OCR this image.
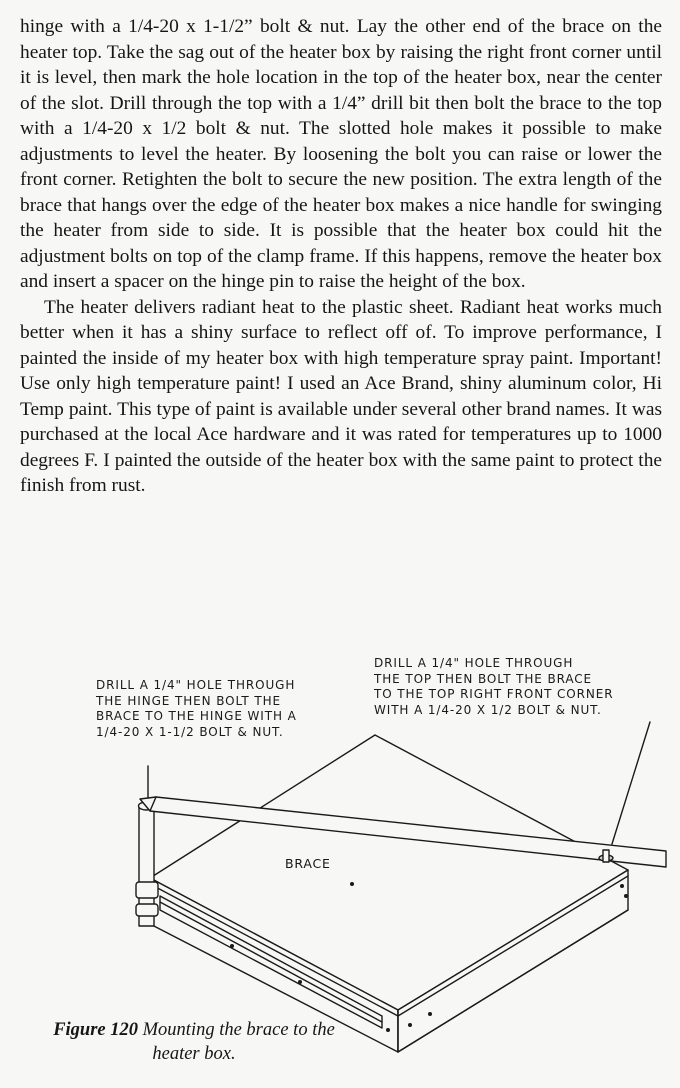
hinge with a 1/4-20 x 1-1/2” bolt & nut. Lay the other end of the brace on the heater top. Take the sag out of the heater box by raising the right front corner until it is level, then mark the hole location in the top of the heater box, near the center of the slot. Drill through the top with a 1/4” drill bit then bolt the brace to the top with a 1/4-20 x 1/2 bolt & nut. The slotted hole makes it possible to make adjustments to level the heater. By loosening the bolt you can raise or lower the front corner. Retighten the bolt to secure the new position. The extra length of the brace that hangs over the edge of the heater box makes a nice handle for swinging the heater from side to side. It is possible that the heater box could hit the adjustment bolts on top of the clamp frame. If this happens, remove the heater box and insert a spacer on the hinge pin to raise the height of the box.

The heater delivers radiant heat to the plastic sheet. Radiant heat works much better when it has a shiny surface to reflect off of. To improve performance, I painted the inside of my heater box with high temperature spray paint. Important! Use only high temperature paint! I used an Ace Brand, shiny aluminum color, Hi Temp paint. This type of paint is available under several other brand names. It was purchased at the local Ace hardware and it was rated for temperatures up to 1000 degrees F. I painted the outside of the heater box with the same paint to protect the finish from rust.

DRILL A 1/4" HOLE THROUGH
THE HINGE THEN BOLT THE
BRACE TO THE HINGE WITH A
1/4-20 X 1-1/2 BOLT & NUT.
DRILL A 1/4" HOLE THROUGH
THE TOP THEN BOLT THE BRACE
TO THE TOP RIGHT FRONT CORNER
WITH A 1/4-20 X 1/2 BOLT & NUT.
BRACE
Figure 120 Mounting the brace to the heater box.
